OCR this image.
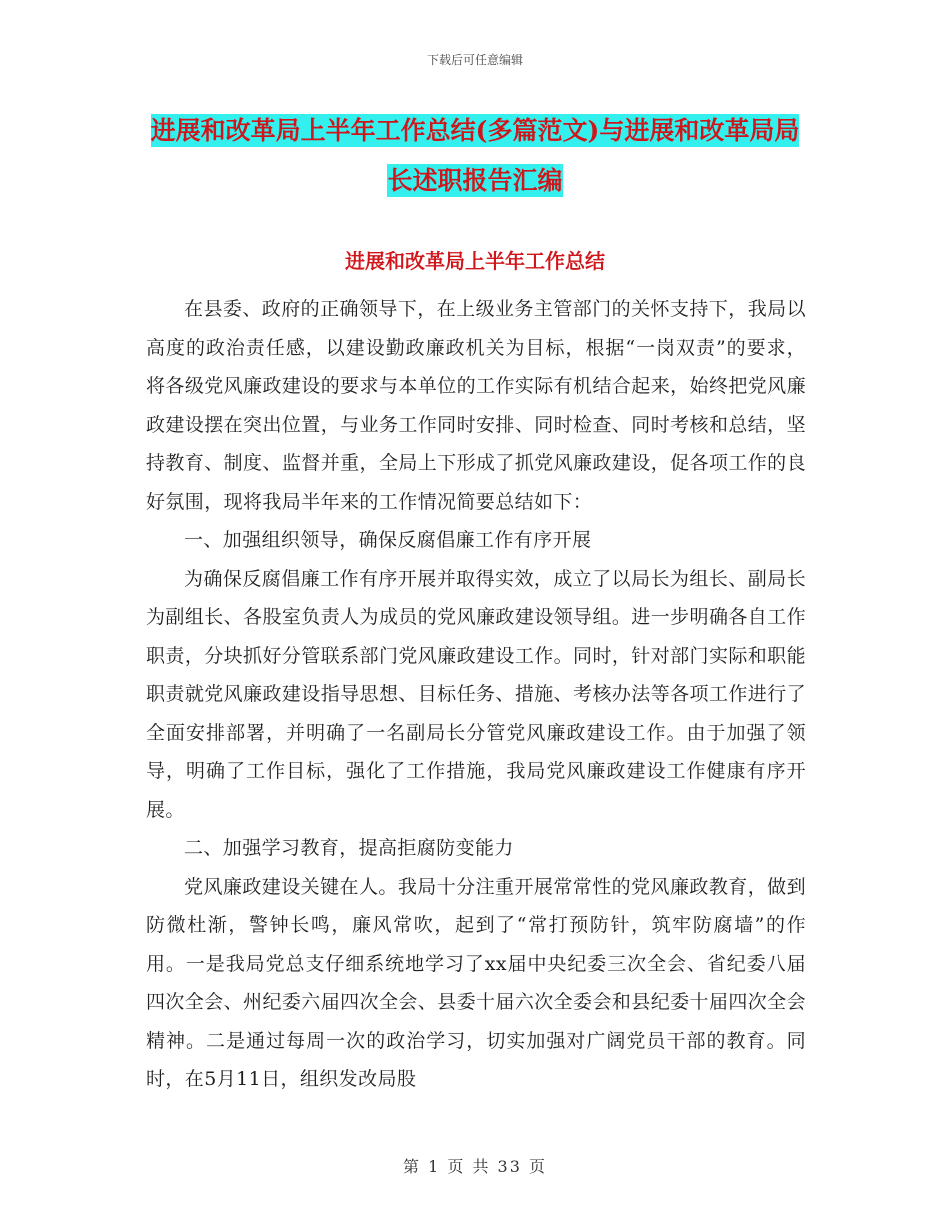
下载后可任意编辑
进展和改革局上半年工作总结(多篇范文)与进展和改革局局长述职报告汇编
进展和改革局上半年工作总结

在县委、政府的正确领导下，在上级业务主管部门的关怀支持下，我局以高度的政治责任感，以建设勤政廉政机关为目标，根据“一岗双责”的要求，将各级党风廉政建设的要求与本单位的工作实际有机结合起来，始终把党风廉政建设摆在突出位置，与业务工作同时安排、同时检查、同时考核和总结，坚持教育、制度、监督并重，全局上下形成了抓党风廉政建设，促各项工作的良好氛围，现将我局半年来的工作情况简要总结如下：

一、加强组织领导，确保反腐倡廉工作有序开展

为确保反腐倡廉工作有序开展并取得实效，成立了以局长为组长、副局长为副组长、各股室负责人为成员的党风廉政建设领导组。进一步明确各自工作职责，分块抓好分管联系部门党风廉政建设工作。同时，针对部门实际和职能职责就党风廉政建设指导思想、目标任务、措施、考核办法等各项工作进行了全面安排部署，并明确了一名副局长分管党风廉政建设工作。由于加强了领导，明确了工作目标，强化了工作措施，我局党风廉政建设工作健康有序开展。

二、加强学习教育，提高拒腐防变能力

党风廉政建设关键在人。我局十分注重开展常常性的党风廉政教育，做到防微杜渐，警钟长鸣，廉风常吹，起到了“常打预防针，筑牢防腐墙”的作用。一是我局党总支仔细系统地学习了xx届中央纪委三次全会、省纪委八届四次全会、州纪委六届四次全会、县委十届六次全委会和县纪委十届四次全会精神。二是通过每周一次的政治学习，切实加强对广阔党员干部的教育。同时，在5月11日，组织发改局股

第 1 页 共 33 页
